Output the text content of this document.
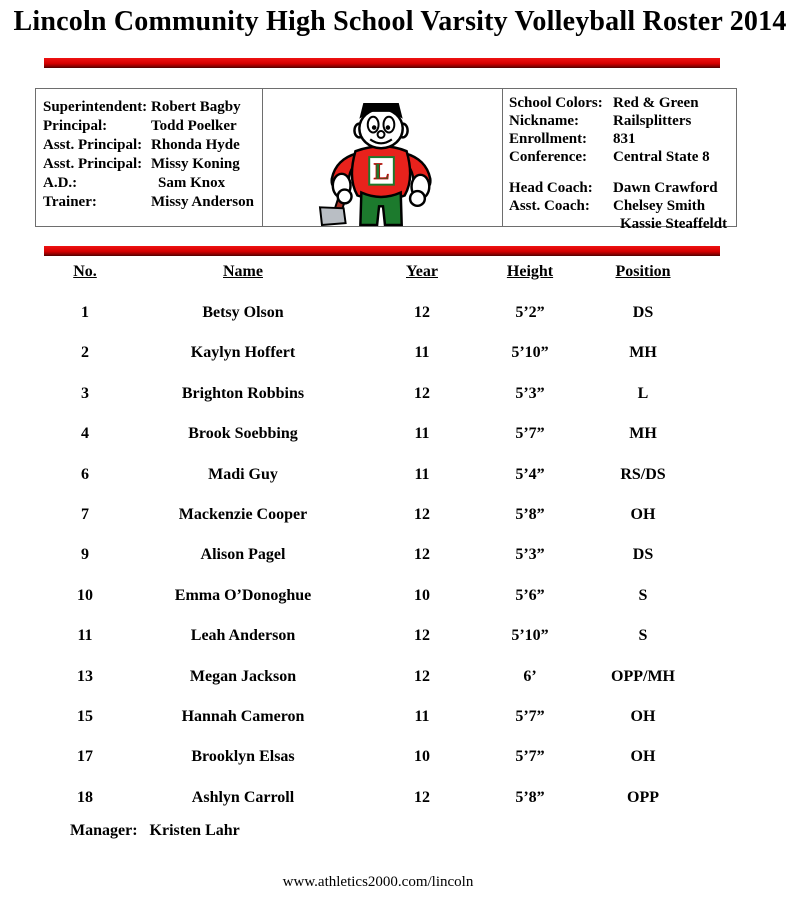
Lincoln Community High School Varsity Volleyball Roster 2014
Superintendent: Robert Bagby
Principal:	Todd Poelker
Asst. Principal: Rhonda Hyde
Asst. Principal: Missy Koning
A.D.:	Sam Knox
Trainer:	Missy Anderson
L
School Colors: Red & Green
Nickname:	Railsplitters
Enrollment:	831
Conference:	Central State 8
Head Coach:	Dawn Crawford
Asst. Coach:	Chelsey Smith
Kassie Steaffeldt
No.	Name	Year	Height	Position
1	Betsy Olson	12	5’2”	DS
2	Kaylyn Hoffert	11	5’10”	MH
3	Brighton Robbins	12	5’3”	L
4	Brook Soebbing	11	5’7”	MH
6	Madi Guy	11	5’4”	RS/DS
7	Mackenzie Cooper	12	5’8”	OH
9	Alison Pagel	12	5’3”	DS
10	Emma O’Donoghue	10	5’6”	S
11	Leah Anderson	12	5’10”	S
13	Megan Jackson	12	6’	OPP/MH
15	Hannah Cameron	11	5’7”	OH
17	Brooklyn Elsas	10	5’7”	OH
18	Ashlyn Carroll	12	5’8”	OPP
Manager: Kristen Lahr
www.athletics2000.com/lincoln
